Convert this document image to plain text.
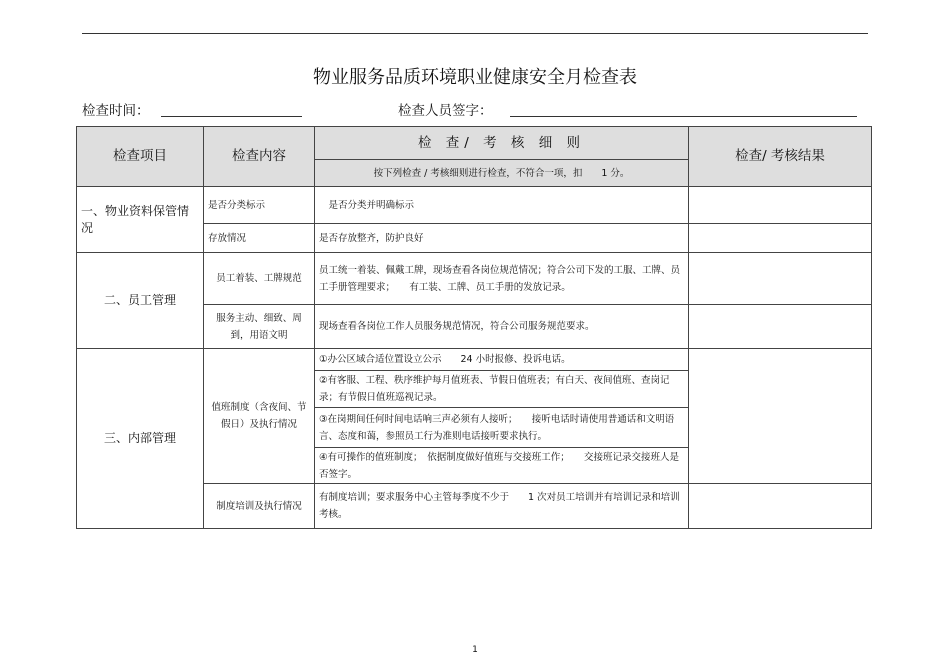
物业服务品质环境职业健康安全月检查表
检查时间：	检查人员签字：
检查项目	检查内容	检 查/ 考 核 细 则	检查/ 考核结果
		按下列检查 / 考核细则进行检查，不符合一项，扣　　1 分。	
一、物业资料保管情况	是否分类标示	　是否分类并明确标示	
	存放情况	是否存放整齐，防护良好	
二、员工管理	员工着装、工牌规范	员工统一着装、佩戴工牌，现场查看各岗位规范情况；符合公司下发的工服、工牌、员工手册管理要求；　　有工装、工牌、员工手册的发放记录。	
	服务主动、细致、周到，用语文明	现场查看各岗位工作人员服务规范情况，符合公司服务规范要求。	
三、内部管理	值班制度（含夜间、节假日）及执行情况	①办公区域合适位置设立公示　　24 小时报修、投诉电话。	
		②有客服、工程、秩序维护每月值班表、节假日值班表；有白天、夜间值班、查岗记录；有节假日值班巡视记录。	
		③在岗期间任何时间电话响三声必须有人接听；　　接听电话时请使用普通话和文明语言、态度和蔼，参照员工行为准则电话接听要求执行。	
		④有可操作的值班制度；　依据制度做好值班与交接班工作；　　交接班记录交接班人是否签字。	
	制度培训及执行情况	有制度培训；要求服务中心主管每季度不少于　　1 次对员工培训并有培训记录和培训考核。	
1
